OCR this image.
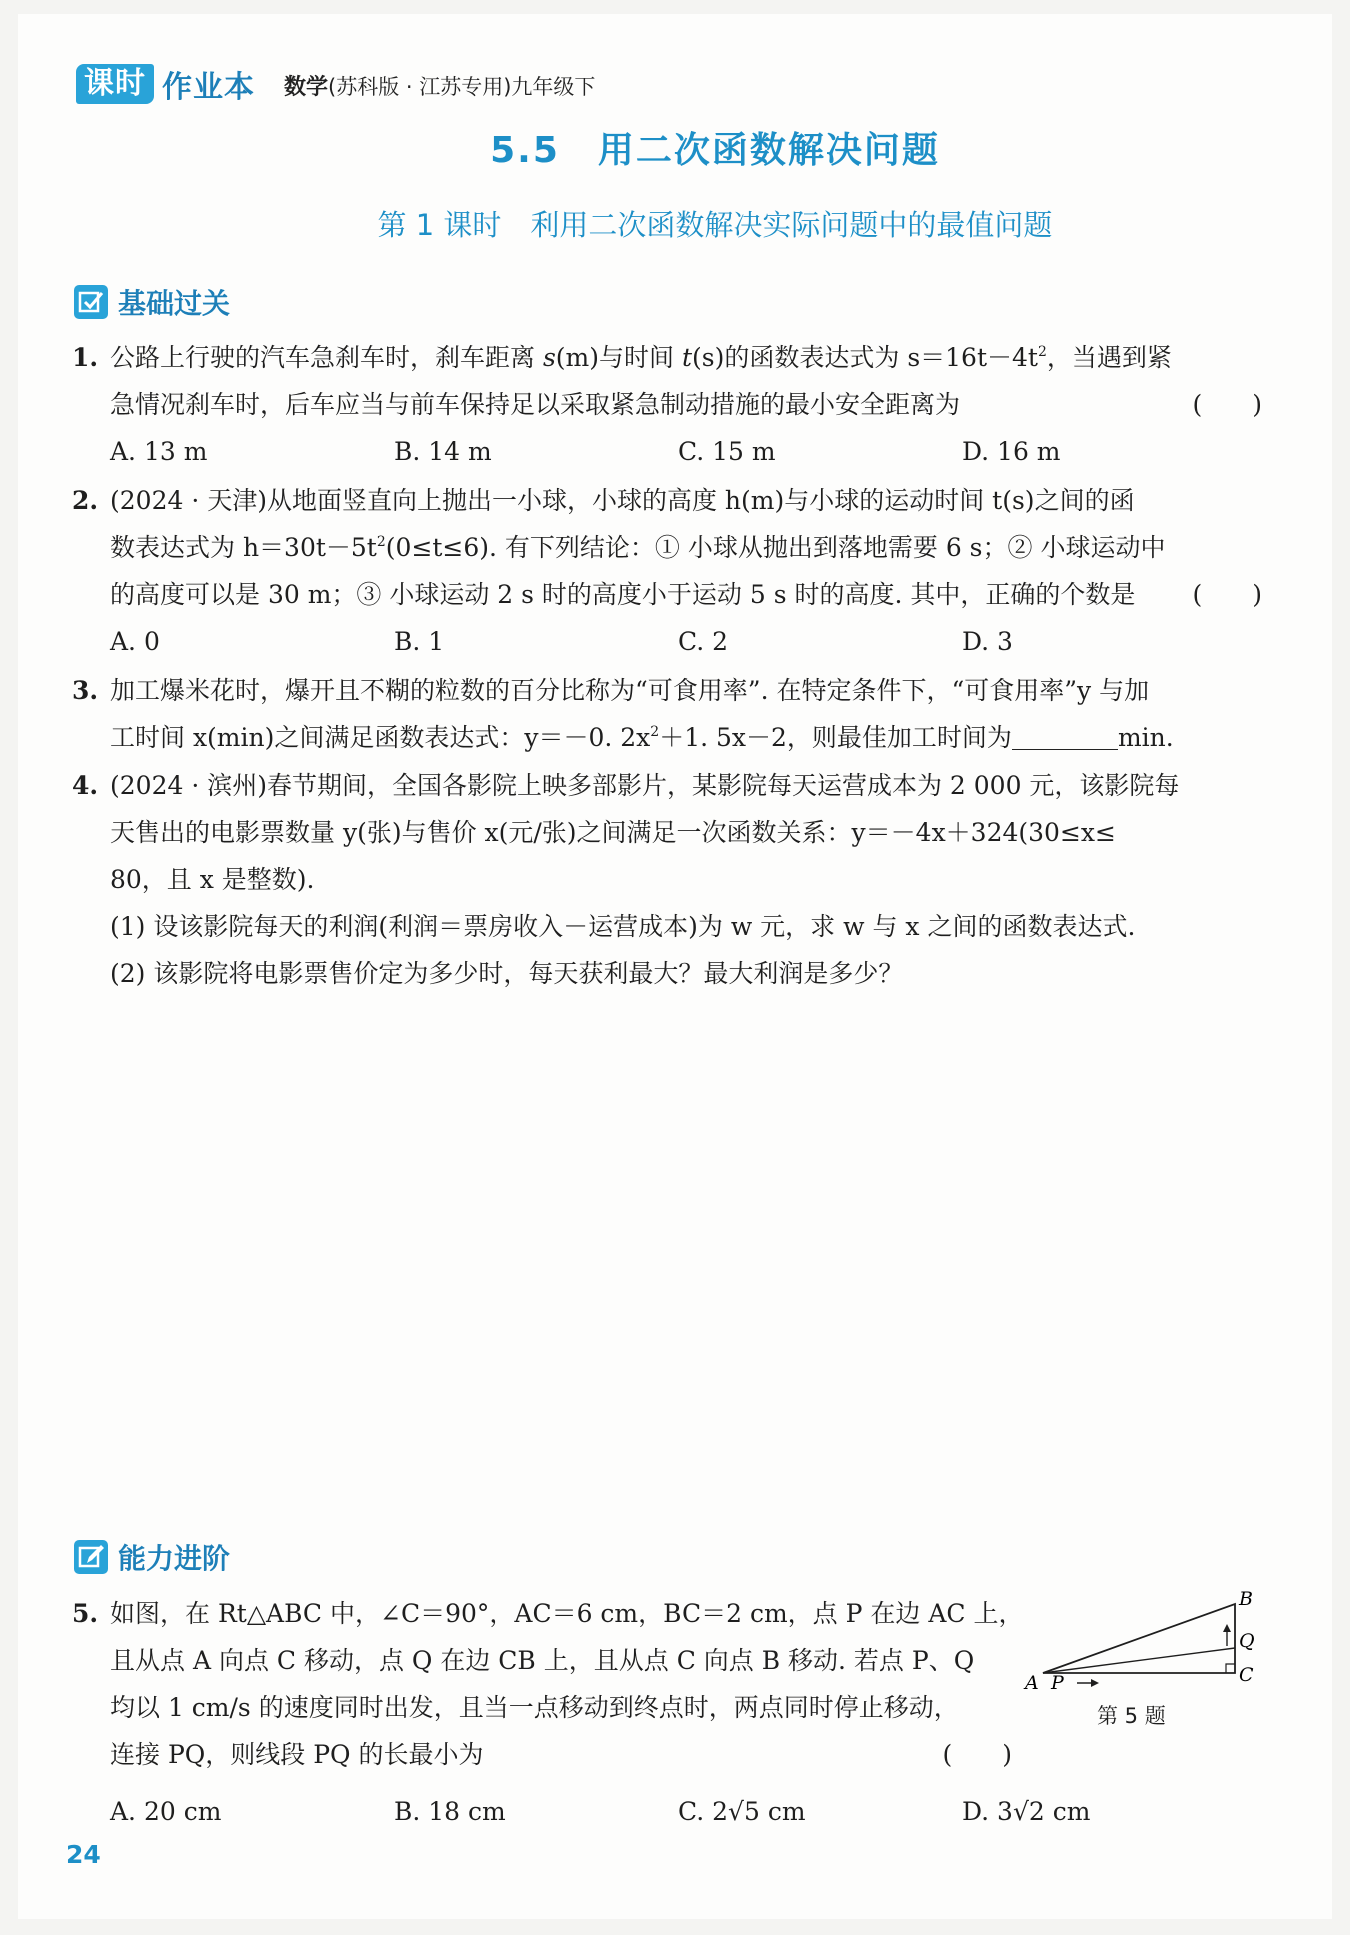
课时 作业本 数学(苏科版 · 江苏专用)九年级下
5.5　用二次函数解决问题
第 1 课时　利用二次函数解决实际问题中的最值问题
基础过关
1. 公路上行驶的汽车急刹车时，刹车距离 s(m)与时间 t(s)的函数表达式为 $s=16t-4t^2$，当遇到紧
急情况刹车时，后车应当与前车保持足以采取紧急制动措施的最小安全距离为	(　　)
A. 13 m	B. 14 m	C. 15 m	D. 16 m
2. (2024 · 天津)从地面竖直向上抛出一小球，小球的高度 h(m)与小球的运动时间 t(s)之间的函
数表达式为 $h=30t-5t^2(0\le t\le 6)$. 有下列结论：① 小球从抛出到落地需要 6 s；② 小球运动中
的高度可以是 30 m；③ 小球运动 2 s 时的高度小于运动 5 s 时的高度. 其中，正确的个数是 (　　)
A. 0	B. 1	C. 2	D. 3
3. 加工爆米花时，爆开且不糊的粒数的百分比称为“可食用率”. 在特定条件下，“可食用率”y 与加
工时间 x(min)之间满足函数表达式：y＝－0. $2x^2+1$. 5x－2，则最佳加工时间为	min.
4. (2024 · 滨州)春节期间，全国各影院上映多部影片，某影院每天运营成本为 2 000 元，该影院每
天售出的电影票数量 y(张)与售价 x(元/张)之间满足一次函数关系：y＝－4x＋324(30≤x≤
80，且 x 是整数).
(1) 设该影院每天的利润(利润＝票房收入－运营成本)为 w 元，求 w 与 x 之间的函数表达式.
(2) 该影院将电影票售价定为多少时，每天获利最大？最大利润是多少？
能力进阶
5. 如图，在 Rt△ABC 中，∠C＝90°，AC＝6 cm，BC＝2 cm，点 P 在边 AC 上，
且从点 A 向点 C 移动，点 Q 在边 CB 上，且从点 C 向点 B 移动. 若点 P、Q
均以 1 cm/s 的速度同时出发，且当一点移动到终点时，两点同时停止移动，
连接 PQ，则线段 PQ 的长最小为	(　　)
A. 20 cm	B. 18 cm	C. 2√5 cm	D. 3√2 cm
A P
B
Q
C
第 5 题
24
